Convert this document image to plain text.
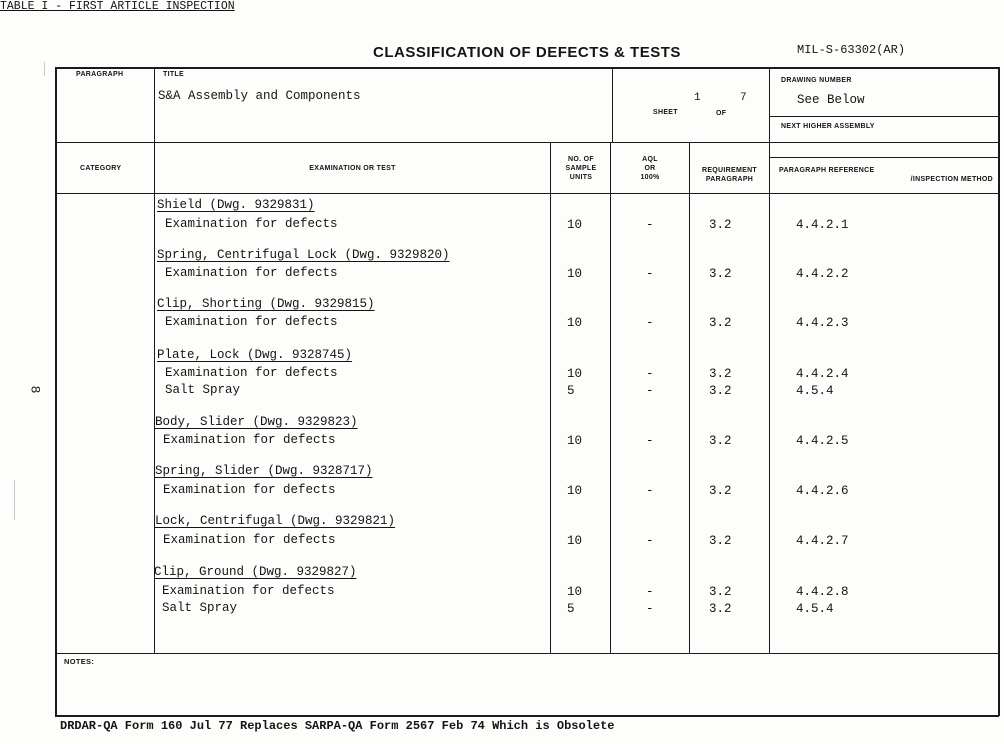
TABLE I - FIRST ARTICLE INSPECTION
CLASSIFICATION OF DEFECTS & TESTS	MIL-S-63302(AR)
8
PARAGRAPH	TITLE
S&A Assembly and Components	1	7
SHEET	OF
DRAWING NUMBER
See Below
NEXT HIGHER ASSEMBLY
CATEGORY	EXAMINATION OR TEST
NO. OF
SAMPLE
UNITS
AQL
OR
100%
REQUIREMENT
PARAGRAPH
PARAGRAPH REFERENCE
/INSPECTION METHOD
Shield (Dwg. 9329831)
Examination for defects	10	-	3.2	4.4.2.1
Spring, Centrifugal Lock (Dwg. 9329820)
Examination for defects	10	-	3.2	4.4.2.2
Clip, Shorting (Dwg. 9329815)
Examination for defects	10	-	3.2	4.4.2.3
Plate, Lock (Dwg. 9328745)
Examination for defects	10	-	3.2	4.4.2.4
Salt Spray	5	-	3.2	4.5.4
Body, Slider (Dwg. 9329823)
Examination for defects	10	-	3.2	4.4.2.5
Spring, Slider (Dwg. 9328717)
Examination for defects	10	-	3.2	4.4.2.6
Lock, Centrifugal (Dwg. 9329821)
Examination for defects	10	-	3.2	4.4.2.7
Clip, Ground (Dwg. 9329827)
Examination for defects	10	-	3.2	4.4.2.8
Salt Spray	5	-	3.2	4.5.4
NOTES:
DRDAR-QA Form 160 Jul 77 Replaces SARPA-QA Form 2567 Feb 74 Which is Obsolete
